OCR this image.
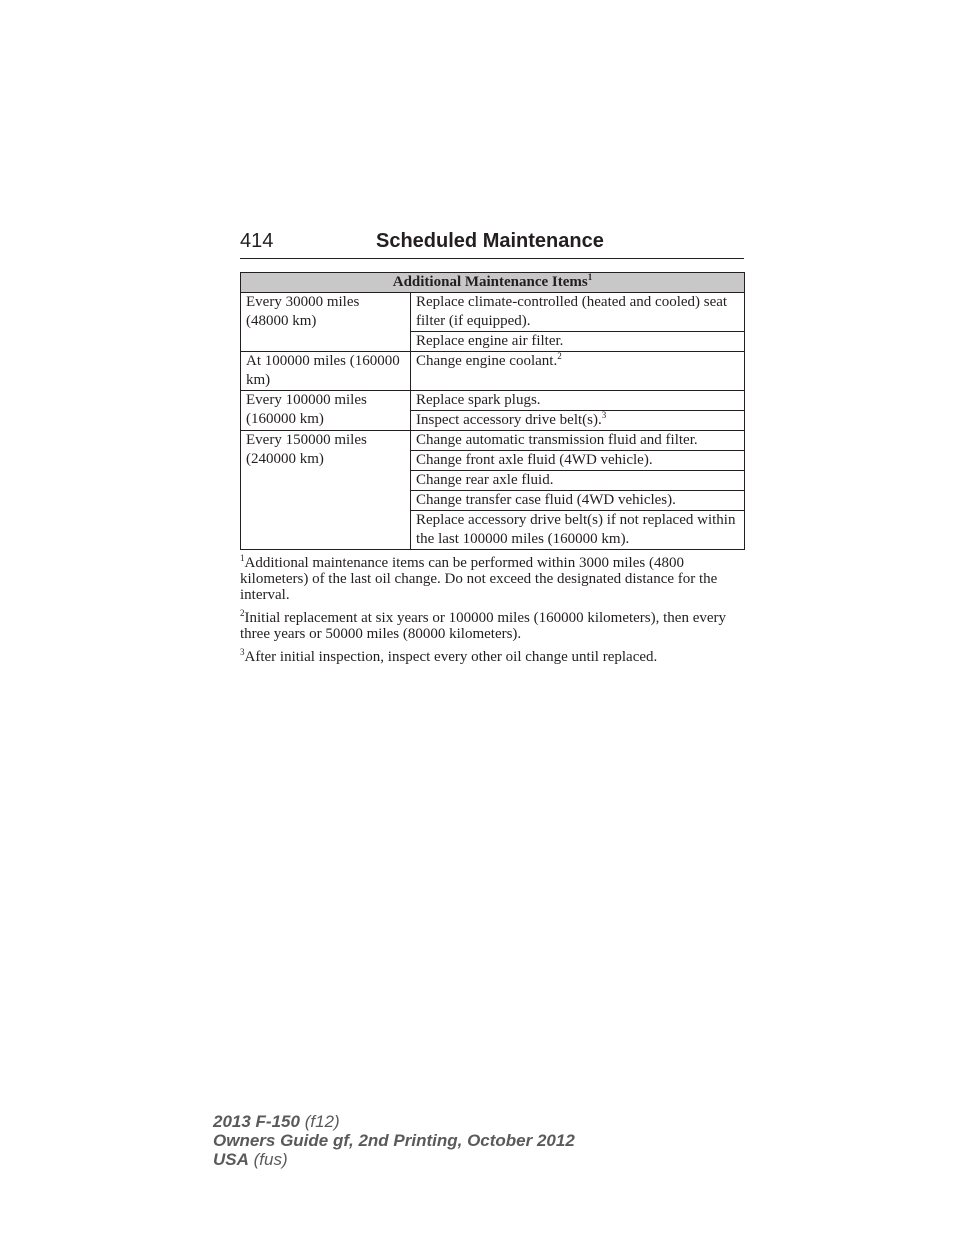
414	Scheduled Maintenance
Additional Maintenance Items$^1$
Every 30000 miles (48000 km)	Replace climate-controlled (heated and cooled) seat filter (if equipped).
	Replace engine air filter.
At 100000 miles (160000 km)	Change engine coolant.$^2$
Every 100000 miles (160000 km)	Replace spark plugs.
	Inspect accessory drive belt(s).$^3$
Every 150000 miles (240000 km)	Change automatic transmission fluid and filter.
	Change front axle fluid (4WD vehicle).
	Change rear axle fluid.
	Change transfer case fluid (4WD vehicles).
	Replace accessory drive belt(s) if not replaced within the last 100000 miles (160000 km).

$^1$Additional maintenance items can be performed within 3000 miles (4800 kilometers) of the last oil change. Do not exceed the designated distance for the interval.

$^2$Initial replacement at six years or 100000 miles (160000 kilometers), then every three years or 50000 miles (80000 kilometers).

$^3$After initial inspection, inspect every other oil change until replaced.

2013 F-150 (f12)
Owners Guide gf, 2nd Printing, October 2012
USA (fus)
